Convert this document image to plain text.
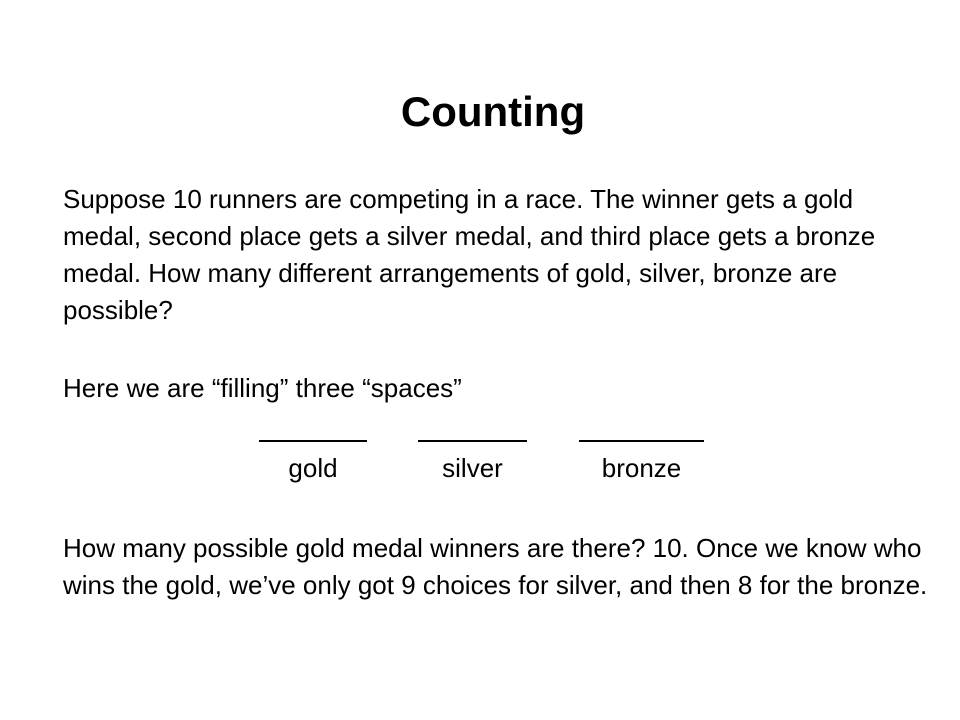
Counting

Suppose 10 runners are competing in a race. The winner gets a gold medal, second place gets a silver medal, and third place gets a bronze medal. How many different arrangements of gold, silver, bronze are possible?

Here we are “filling” three “spaces”

gold	silver	bronze

How many possible gold medal winners are there? 10. Once we know who wins the gold, we’ve only got 9 choices for silver, and then 8 for the bronze.
